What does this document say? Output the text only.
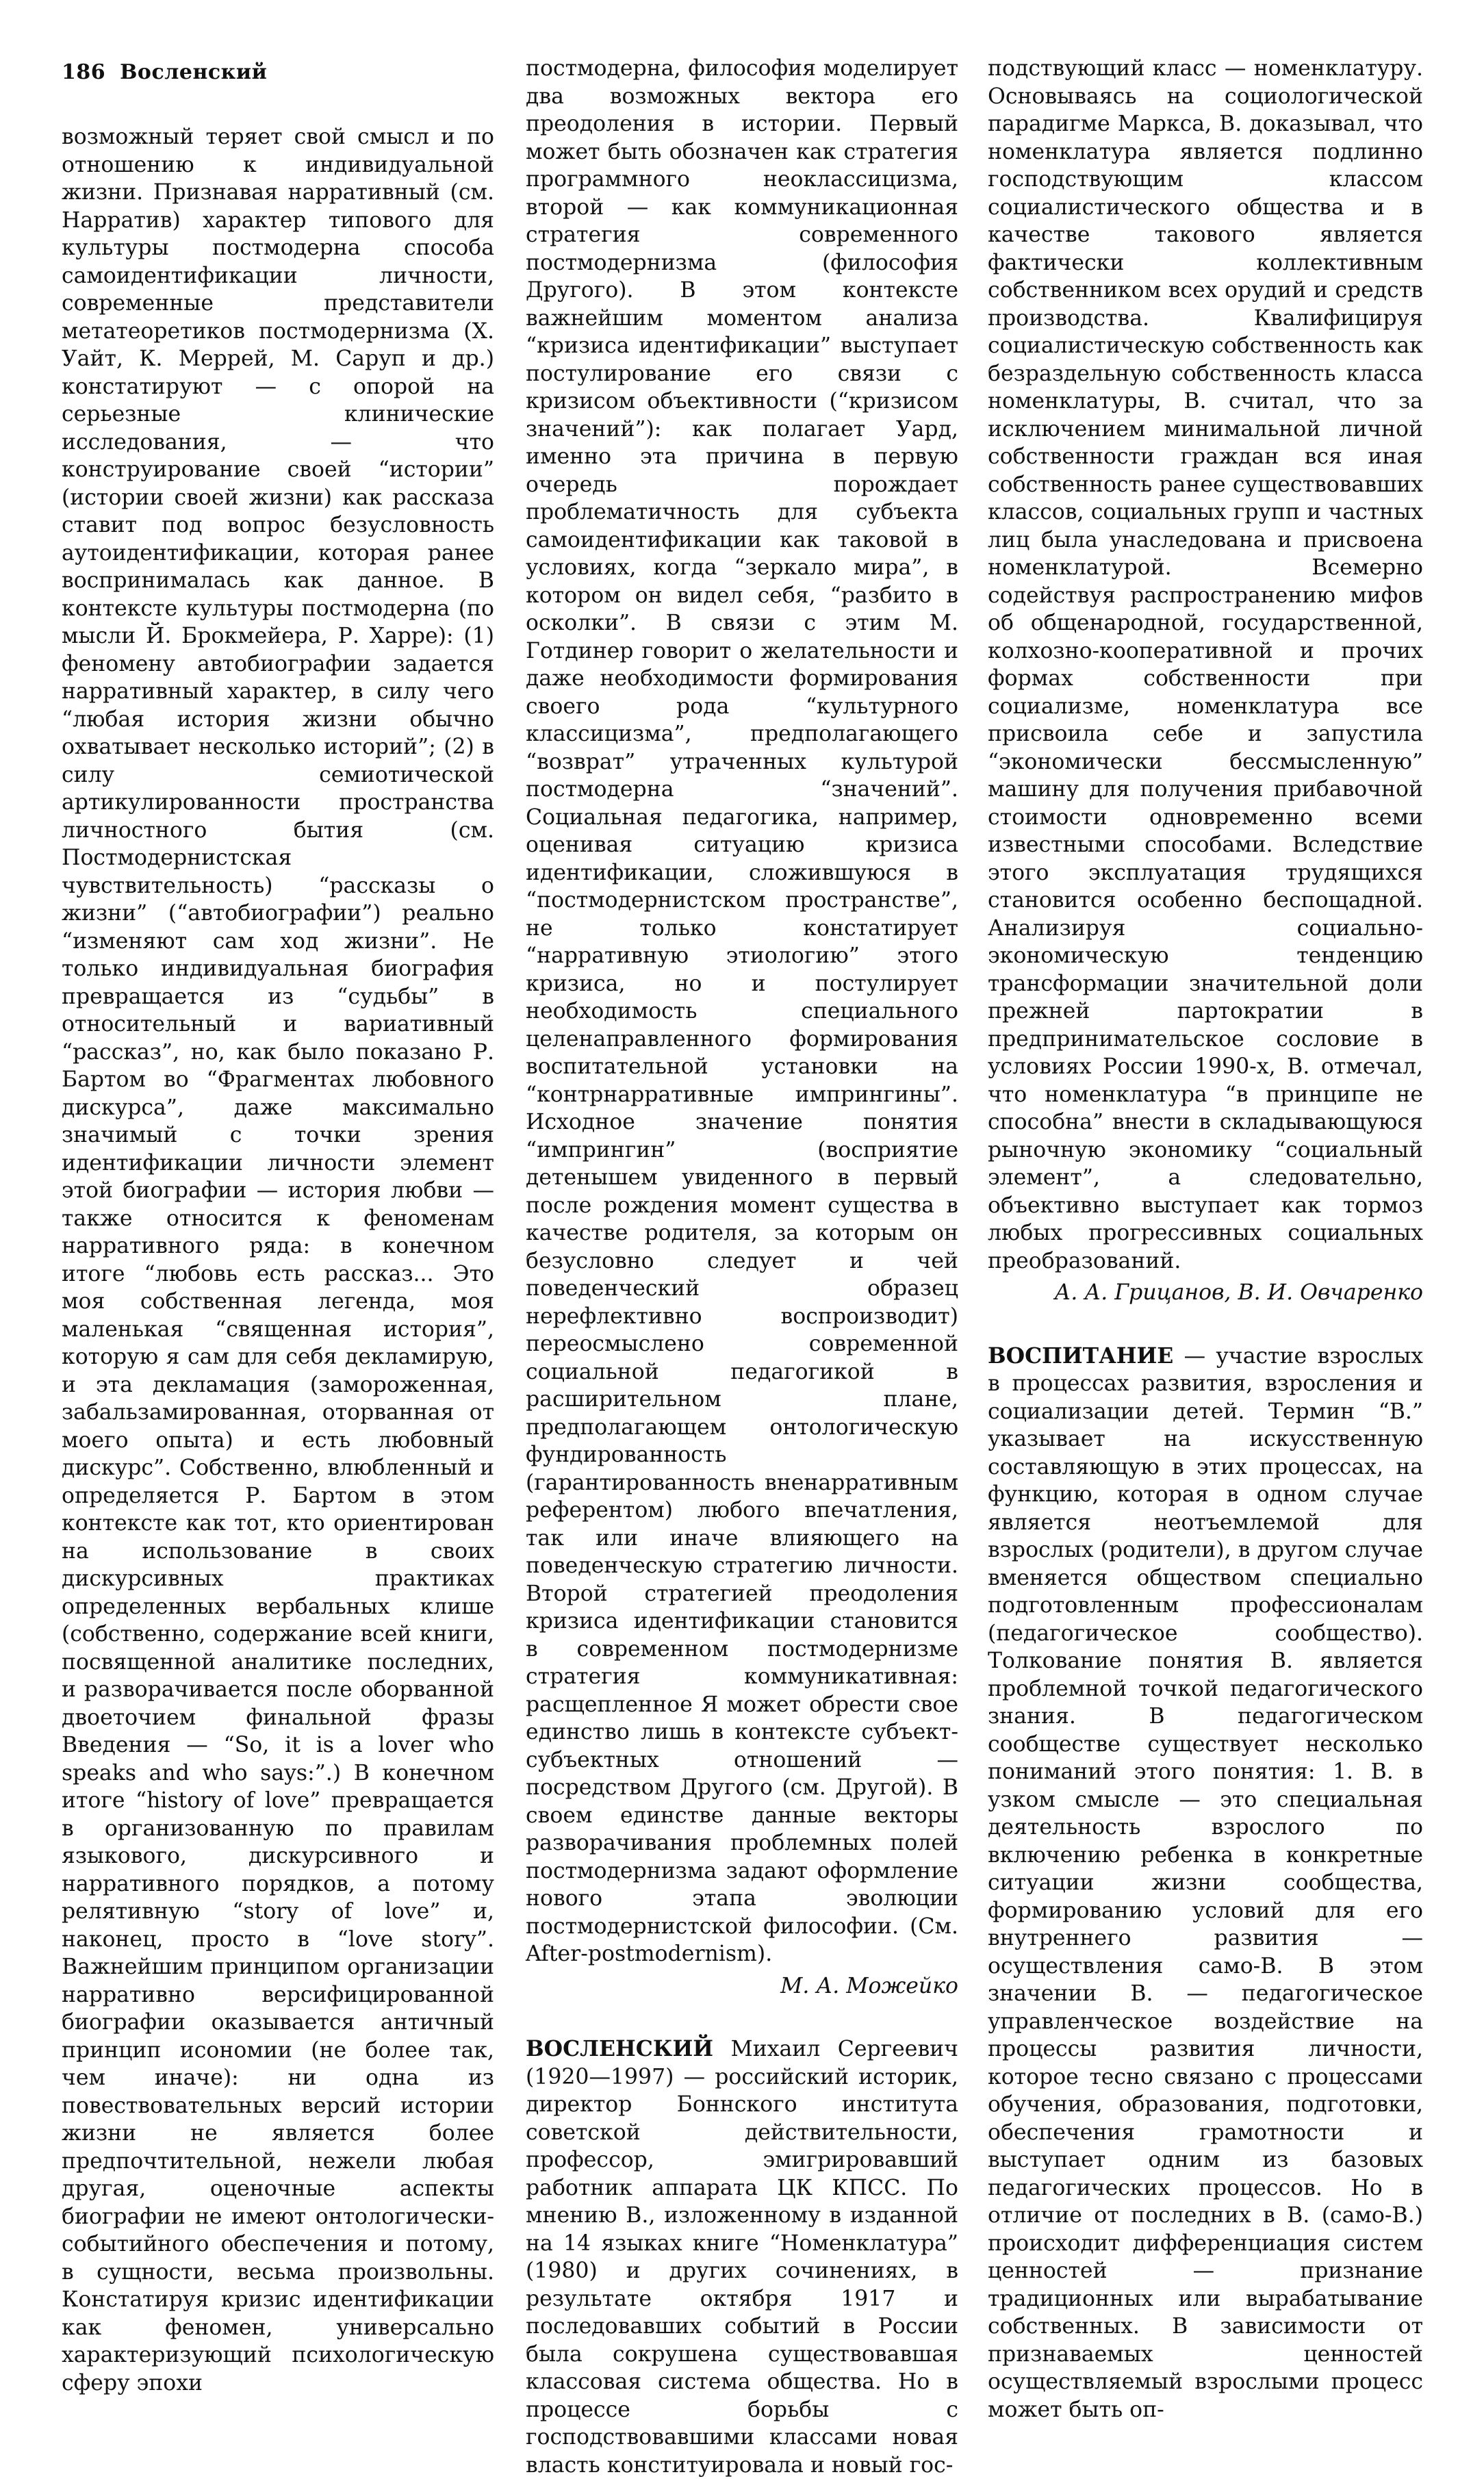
186 Восленский

возможный теряет свой смысл и по отношению к индивидуальной жизни. Признавая нарративный (см. Нарратив) характер типового для культуры постмодерна способа самоидентификации личности, современные представители метатеоретиков постмодернизма (Х. Уайт, К. Меррей, М. Саруп и др.) констатируют — с опорой на серьезные клинические исследования, — что конструирование своей “истории” (истории своей жизни) как рассказа ставит под вопрос безусловность аутоидентификации, которая ранее воспринималась как данное. В контексте культуры постмодерна (по мысли Й. Брокмейера, Р. Харре): (1) феномену автобиографии задается нарративный характер, в силу чего “любая история жизни обычно охватывает несколько историй”; (2) в силу семиотической артикулированности пространства личностного бытия (см. Постмодернистская чувствительность) “рассказы о жизни” (“автобиографии”) реально “изменяют сам ход жизни”. Не только индивидуальная биография превращается из “судьбы” в относительный и вариативный “рассказ”, но, как было показано Р. Бартом во “Фрагментах любовного дискурса”, даже максимально значимый с точки зрения идентификации личности элемент этой биографии — история любви — также относится к феноменам нарративного ряда: в конечном итоге “любовь есть рассказ... Это моя собственная легенда, моя маленькая “священная история”, которую я сам для себя декламирую, и эта декламация (замороженная, забальзамированная, оторванная от моего опыта) и есть любовный дискурс”. Собственно, влюбленный и определяется Р. Бартом в этом контексте как тот, кто ориентирован на использование в своих дискурсивных практиках определенных вербальных клише (собственно, содержание всей книги, посвященной аналитике последних, и разворачивается после оборванной двоеточием финальной фразы Введения — “So, it is a lover who speaks and who says:”.) В конечном итоге “history of love” превращается в организованную по правилам языкового, дискурсивного и нарративного порядков, а потому релятивную “story of love” и, наконец, просто в “love story”. Важнейшим принципом организации нарративно версифицированной биографии оказывается античный принцип исономии (не более так, чем иначе): ни одна из повествовательных версий истории жизни не является более предпочтительной, нежели любая другая, оценочные аспекты биографии не имеют онтологически-событийного обеспечения и потому, в сущности, весьма произвольны. Констатируя кризис идентификации как феномен, универсально характеризующий психологическую сферу эпохи

постмодерна, философия моделирует два возможных вектора его преодоления в истории. Первый может быть обозначен как стратегия программного неоклассицизма, второй — как коммуникационная стратегия современного постмодернизма (философия Другого). В этом контексте важнейшим моментом анализа “кризиса идентификации” выступает постулирование его связи с кризисом объективности (“кризисом значений”): как полагает Уард, именно эта причина в первую очередь порождает проблематичность для субъекта самоидентификации как таковой в условиях, когда “зеркало мира”, в котором он видел себя, “разбито в осколки”. В связи с этим М. Готдинер говорит о желательности и даже необходимости формирования своего рода “культурного классицизма”, предполагающего “возврат” утраченных культурой постмодерна “значений”. Социальная педагогика, например, оценивая ситуацию кризиса идентификации, сложившуюся в “постмодернистском пространстве”, не только констатирует “нарративную этиологию” этого кризиса, но и постулирует необходимость специального целенаправленного формирования воспитательной установки на “контрнарративные импрингины”. Исходное значение понятия “импрингин” (восприятие детенышем увиденного в первый после рождения момент существа в качестве родителя, за которым он безусловно следует и чей поведенческий образец нерефлективно воспроизводит) переосмыслено современной социальной педагогикой в расширительном плане, предполагающем онтологическую фундированность (гарантированность вненарративным референтом) любого впечатления, так или иначе влияющего на поведенческую стратегию личности. Второй стратегией преодоления кризиса идентификации становится в современном постмодернизме стратегия коммуникативная: расщепленное Я может обрести свое единство лишь в контексте субъект-субъектных отношений — посредством Другого (см. Другой). В своем единстве данные векторы разворачивания проблемных полей постмодернизма задают оформление нового этапа эволюции постмодернистской философии. (См. After-postmodernism).

М. А. Можейко

ВОСЛЕНСКИЙ Михаил Сергеевич (1920—1997) — российский историк, директор Боннского института советской действительности, профессор, эмигрировавший работник аппарата ЦК КПСС. По мнению В., изложенному в изданной на 14 языках книге “Номенклатура” (1980) и других сочинениях, в результате октября 1917 и последовавших событий в России была сокрушена существовавшая классовая система общества. Но в процессе борьбы с господствовавшими классами новая власть конституировала и новый гос-

подствующий класс — номенклатуру. Основываясь на социологической парадигме Маркса, В. доказывал, что номенклатура является подлинно господствующим классом социалистического общества и в качестве такового является фактически коллективным собственником всех орудий и средств производства. Квалифицируя социалистическую собственность как безраздельную собственность класса номенклатуры, В. считал, что за исключением минимальной личной собственности граждан вся иная собственность ранее существовавших классов, социальных групп и частных лиц была унаследована и присвоена номенклатурой. Всемерно содействуя распространению мифов об общенародной, государственной, колхозно-кооперативной и прочих формах собственности при социализме, номенклатура все присвоила себе и запустила “экономически бессмысленную” машину для получения прибавочной стоимости одновременно всеми известными способами. Вследствие этого эксплуатация трудящихся становится особенно беспощадной. Анализируя социально-экономическую тенденцию трансформации значительной доли прежней партократии в предпринимательское сословие в условиях России 1990-х, В. отмечал, что номенклатура “в принципе не способна” внести в складывающуюся рыночную экономику “социальный элемент”, а следовательно, объективно выступает как тормоз любых прогрессивных социальных преобразований.

А. А. Грицанов, В. И. Овчаренко

ВОСПИТАНИЕ — участие взрослых в процессах развития, взросления и социализации детей. Термин “В.” указывает на искусственную составляющую в этих процессах, на функцию, которая в одном случае является неотъемлемой для взрослых (родители), в другом случае вменяется обществом специально подготовленным профессионалам (педагогическое сообщество). Толкование понятия В. является проблемной точкой педагогического знания. В педагогическом сообществе существует несколько пониманий этого понятия: 1. В. в узком смысле — это специальная деятельность взрослого по включению ребенка в конкретные ситуации жизни сообщества, формированию условий для его внутреннего развития — осуществления само-В. В этом значении В. — педагогическое управленческое воздействие на процессы развития личности, которое тесно связано с процессами обучения, образования, подготовки, обеспечения грамотности и выступает одним из базовых педагогических процессов. Но в отличие от последних в В. (само-В.) происходит дифференциация систем ценностей — признание традиционных или вырабатывание собственных. В зависимости от признаваемых ценностей осуществляемый взрослыми процесс может быть оп-
